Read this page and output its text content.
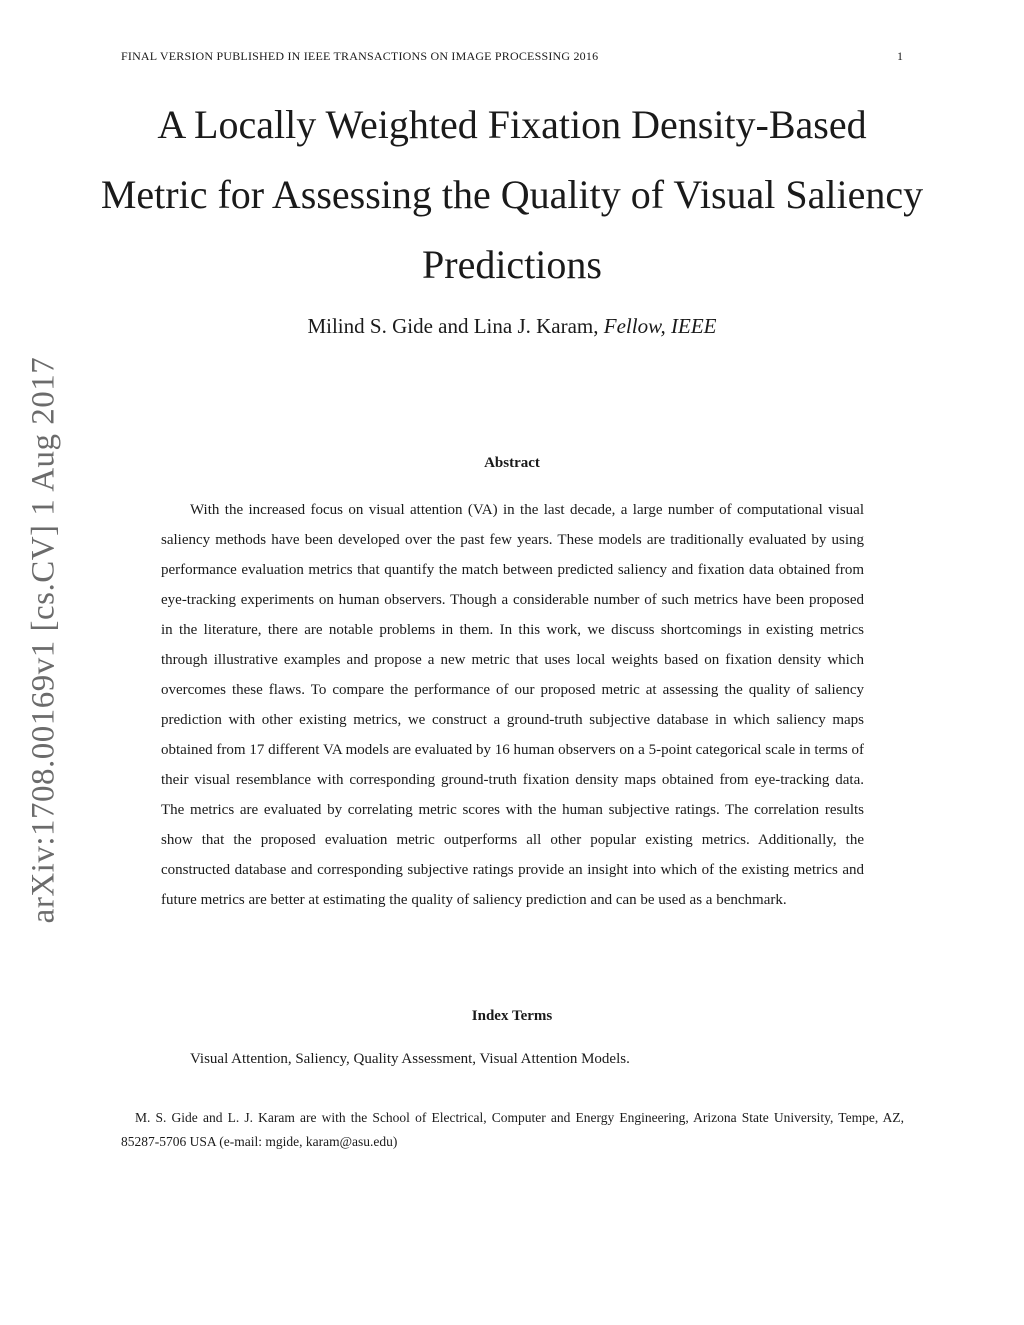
FINAL VERSION PUBLISHED IN IEEE TRANSACTIONS ON IMAGE PROCESSING 2016	1
arXiv:1708.00169v1 [cs.CV] 1 Aug 2017
A Locally Weighted Fixation Density-Based Metric for Assessing the Quality of Visual Saliency Predictions
Milind S. Gide and Lina J. Karam, Fellow, IEEE
Abstract

With the increased focus on visual attention (VA) in the last decade, a large number of computational visual saliency methods have been developed over the past few years. These models are traditionally evaluated by using performance evaluation metrics that quantify the match between predicted saliency and fixation data obtained from eye-tracking experiments on human observers. Though a considerable number of such metrics have been proposed in the literature, there are notable problems in them. In this work, we discuss shortcomings in existing metrics through illustrative examples and propose a new metric that uses local weights based on fixation density which overcomes these flaws. To compare the performance of our proposed metric at assessing the quality of saliency prediction with other existing metrics, we construct a ground-truth subjective database in which saliency maps obtained from 17 different VA models are evaluated by 16 human observers on a 5-point categorical scale in terms of their visual resemblance with corresponding ground-truth fixation density maps obtained from eye-tracking data. The metrics are evaluated by correlating metric scores with the human subjective ratings. The correlation results show that the proposed evaluation metric outperforms all other popular existing metrics. Additionally, the constructed database and corresponding subjective ratings provide an insight into which of the existing metrics and future metrics are better at estimating the quality of saliency prediction and can be used as a benchmark.

Index Terms
Visual Attention, Saliency, Quality Assessment, Visual Attention Models.

M. S. Gide and L. J. Karam are with the School of Electrical, Computer and Energy Engineering, Arizona State University, Tempe, AZ, 85287-5706 USA (e-mail: mgide, karam@asu.edu)
